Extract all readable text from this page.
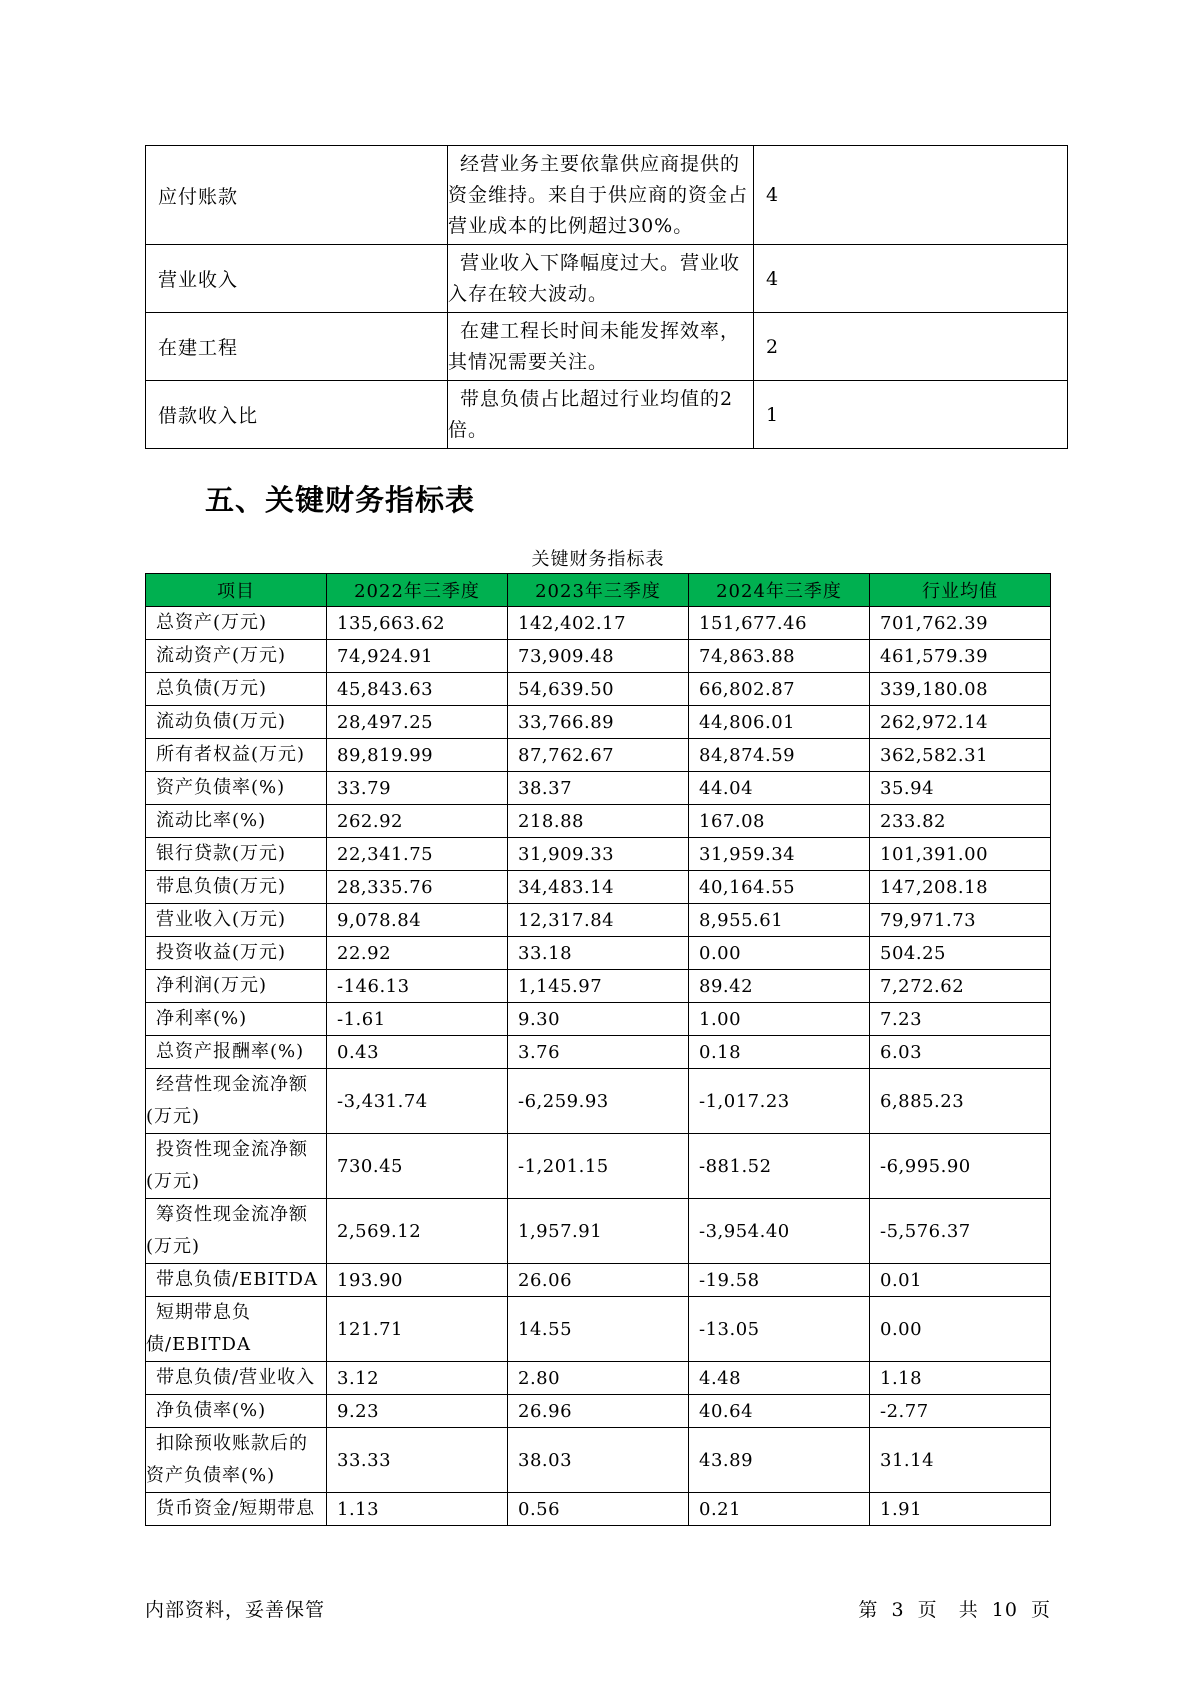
应付账款	经营业务主要依靠供应商提供的资金维持。来自于供应商的资金占营业成本的比例超过30%。	4
营业收入	营业收入下降幅度过大。营业收入存在较大波动。	4
在建工程	在建工程长时间未能发挥效率，其情况需要关注。	2
借款收入比	带息负债占比超过行业均值的2倍。	1
五、关键财务指标表
关键财务指标表
项目	2022年三季度	2023年三季度	2024年三季度	行业均值

总资产(万元)	135,663.62	142,402.17	151,677.46	701,762.39

流动资产(万元)	74,924.91	73,909.48	74,863.88	461,579.39

总负债(万元)	45,843.63	54,639.50	66,802.87	339,180.08

流动负债(万元)	28,497.25	33,766.89	44,806.01	262,972.14

所有者权益(万元)	89,819.99	87,762.67	84,874.59	362,582.31

资产负债率(%)	33.79	38.37	44.04	35.94

流动比率(%)	262.92	218.88	167.08	233.82

银行贷款(万元)	22,341.75	31,909.33	31,959.34	101,391.00

带息负债(万元)	28,335.76	34,483.14	40,164.55	147,208.18

营业收入(万元)	9,078.84	12,317.84	8,955.61	79,971.73

投资收益(万元)	22.92	33.18	0.00	504.25

净利润(万元)	-146.13	1,145.97	89.42	7,272.62

净利率(%)	-1.61	9.30	1.00	7.23

总资产报酬率(%)	0.43	3.76	0.18	6.03

经营性现金流净额(万元)	-3,431.74	-6,259.93	-1,017.23	6,885.23

投资性现金流净额(万元)	730.45	-1,201.15	-881.52	-6,995.90

筹资性现金流净额(万元)	2,569.12	1,957.91	-3,954.40	-5,576.37

带息负债/EBITDA	193.90	26.06	-19.58	0.01

短期带息负债/EBITDA	121.71	14.55	-13.05	0.00

带息负债/营业收入	3.12	2.80	4.48	1.18

净负债率(%)	9.23	26.96	40.64	-2.77

扣除预收账款后的资产负债率(%)	33.33	38.03	43.89	31.14

货币资金/短期带息	1.13	0.56	0.21	1.91
内部资料，妥善保管	第 3 页 共 10 页
